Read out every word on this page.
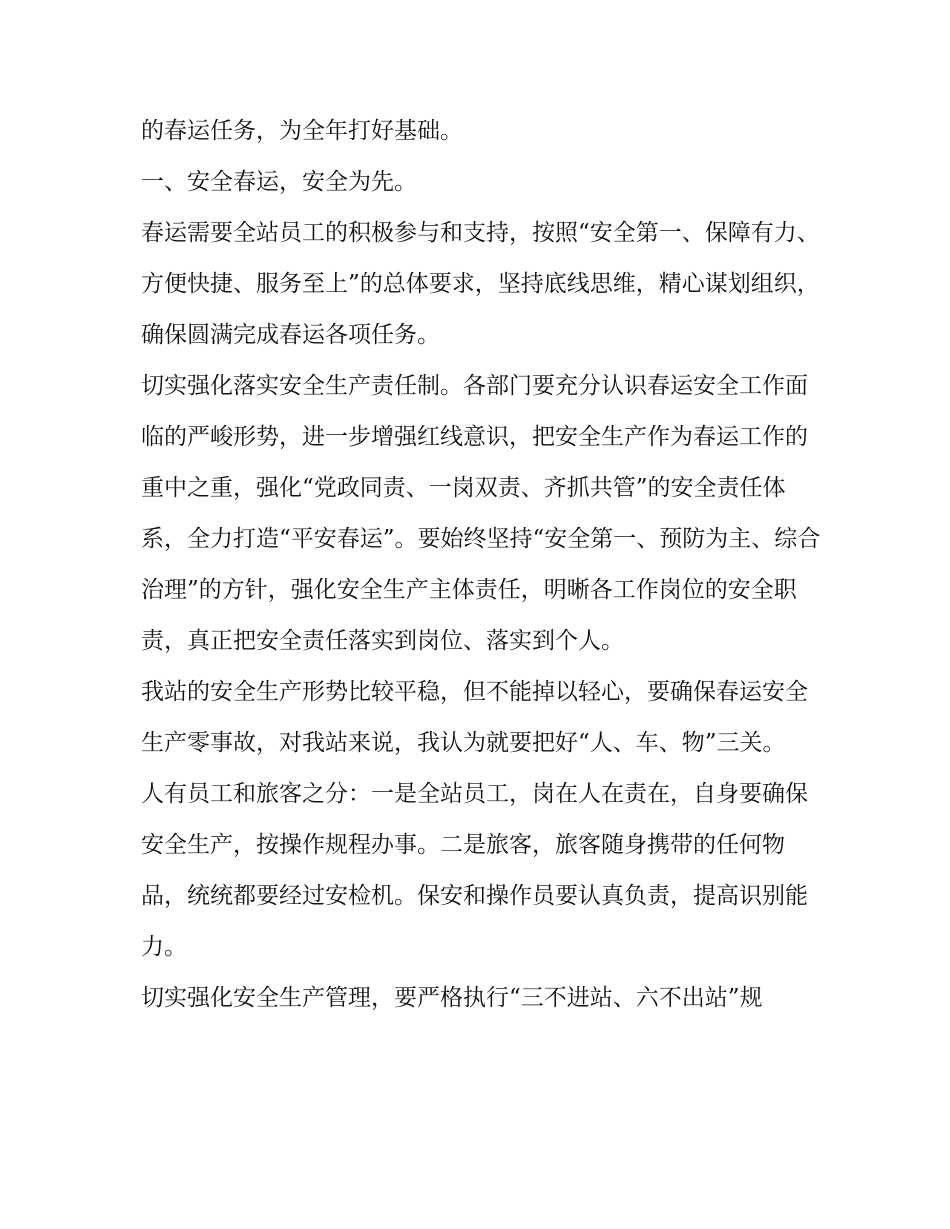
的春运任务，为全年打好基础。

一、安全春运，安全为先。

春运需要全站员工的积极参与和支持，按照“安全第一、保障有力、方便快捷、服务至上”的总体要求，坚持底线思维，精心谋划组织，确保圆满完成春运各项任务。

切实强化落实安全生产责任制。各部门要充分认识春运安全工作面临的严峻形势，进一步增强红线意识，把安全生产作为春运工作的重中之重，强化“党政同责、一岗双责、齐抓共管”的安全责任体系，全力打造“平安春运”。要始终坚持“安全第一、预防为主、综合治理”的方针，强化安全生产主体责任，明晰各工作岗位的安全职责，真正把安全责任落实到岗位、落实到个人。

我站的安全生产形势比较平稳，但不能掉以轻心，要确保春运安全生产零事故，对我站来说，我认为就要把好“人、车、物”三关。

人有员工和旅客之分：一是全站员工，岗在人在责在，自身要确保安全生产，按操作规程办事。二是旅客，旅客随身携带的任何物品，统统都要经过安检机。保安和操作员要认真负责，提高识别能力。

切实强化安全生产管理，要严格执行“三不进站、六不出站”规
